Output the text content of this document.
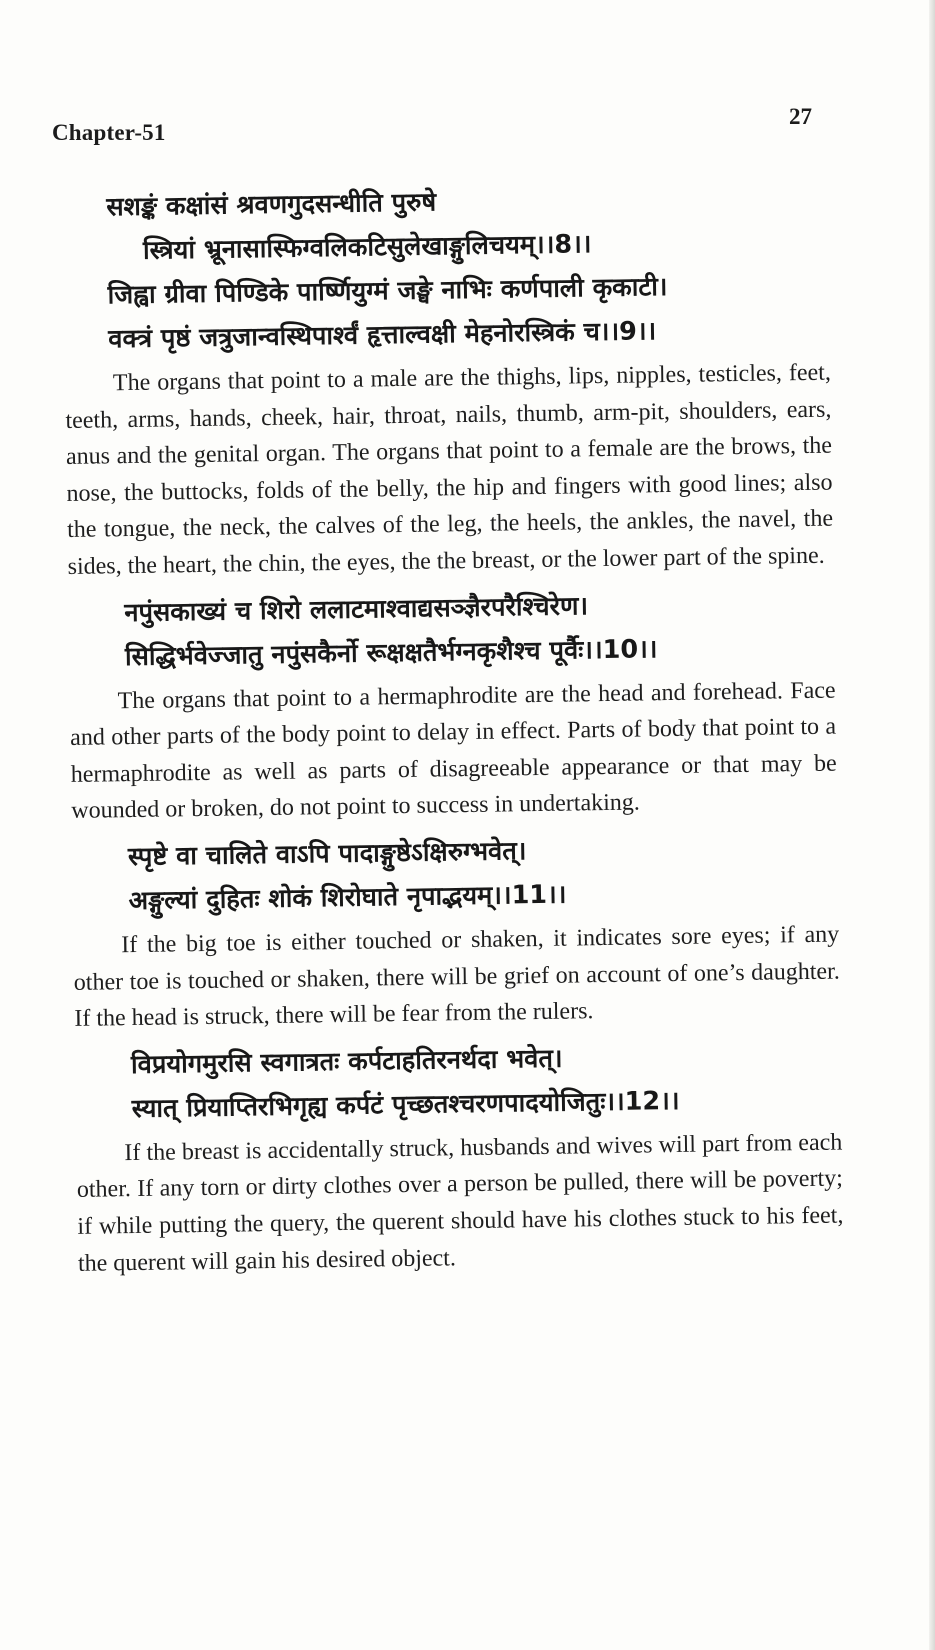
Chapter-51
27
सशङ्कं कक्षांसं श्रवणगुदसन्धीति पुरुषे
स्त्रियां भ्रूनासास्फिग्वलिकटिसुलेखाङ्गुलिचयम्।।8।।
जिह्वा ग्रीवा पिण्डिके पार्ष्णियुग्मं जङ्घे नाभिः कर्णपाली कृकाटी।
वक्त्रं पृष्ठं जत्रुजान्वस्थिपार्श्वं हृत्ताल्वक्षी मेहनोरस्त्रिकं च।।9।।

The organs that point to a male are the thighs, lips, nipples, testicles, feet, teeth, arms, hands, cheek, hair, throat, nails, thumb, arm-pit, shoulders, ears, anus and the genital organ. The organs that point to a female are the brows, the nose, the buttocks, folds of the belly, the hip and fingers with good lines; also the tongue, the neck, the calves of the leg, the heels, the ankles, the navel, the sides, the heart, the chin, the eyes, the the breast, or the lower part of the spine.

नपुंसकाख्यं च शिरो ललाटमाश्वाद्यसञ्ज्ञैरपरैश्चिरेण।
सिद्धिर्भवेज्जातु नपुंसकैर्नो रूक्षक्षतैर्भग्नकृशैश्च पूर्वैः।।10।।

The organs that point to a hermaphrodite are the head and forehead. Face and other parts of the body point to delay in effect. Parts of body that point to a hermaphrodite as well as parts of disagreeable appearance or that may be wounded or broken, do not point to success in undertaking.

स्पृष्टे वा चालिते वाऽपि पादाङ्गुष्ठेऽक्षिरुग्भवेत्।
अङ्गुल्यां दुहितः शोकं शिरोघाते नृपाद्भयम्।।11।।

If the big toe is either touched or shaken, it indicates sore eyes; if any other toe is touched or shaken, there will be grief on account of one’s daughter. If the head is struck, there will be fear from the rulers.

विप्रयोगमुरसि स्वगात्रतः कर्पटाहतिरनर्थदा भवेत्।
स्यात् प्रियाप्तिरभिगृह्य कर्पटं पृच्छतश्चरणपादयोजितुः।।12।।

If the breast is accidentally struck, husbands and wives will part from each other. If any torn or dirty clothes over a person be pulled, there will be poverty; if while putting the query, the querent should have his clothes stuck to his feet, the querent will gain his desired object.
